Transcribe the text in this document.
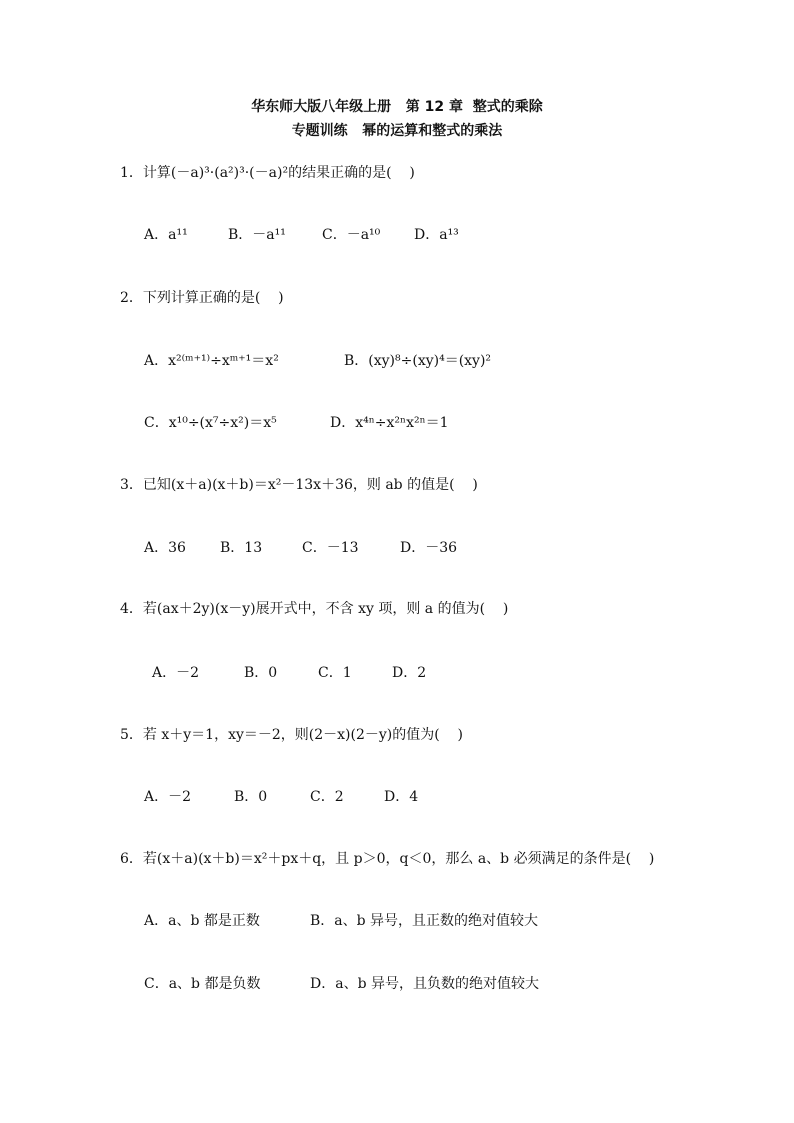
华东师大版八年级上册   第 12 章  整式的乘除
专题训练   幂的运算和整式的乘法
1．计算(－a)³·(a²)³·(－a)²的结果正确的是(    )
A．a¹¹	B．－a¹¹	C．－a¹⁰ D．a¹³
2．下列计算正确的是(    )
A．x²⁽ᵐ⁺¹⁾÷xᵐ⁺¹＝x²	B．(xy)⁸÷(xy)⁴＝(xy)²
C．x¹⁰÷(x⁷÷x²)＝x⁵	D．x⁴ⁿ÷x²ⁿx²ⁿ＝1
3．已知(x＋a)(x＋b)＝x²－13x＋36，则 ab 的值是(    )
A．36 B．13	C．－13	D．－36
4．若(ax＋2y)(x－y)展开式中，不含 xy 项，则 a 的值为(    )
A．－2	B．0	C．1	D．2
5．若 x＋y＝1，xy＝－2，则(2－x)(2－y)的值为(    )
A．－2	B．0	C．2	D．4
6．若(x＋a)(x＋b)＝x²＋px＋q，且 p＞0，q＜0，那么 a、b 必须满足的条件是(    )
A．a、b 都是正数	B．a、b 异号，且正数的绝对值较大
C．a、b 都是负数	D．a、b 异号，且负数的绝对值较大
